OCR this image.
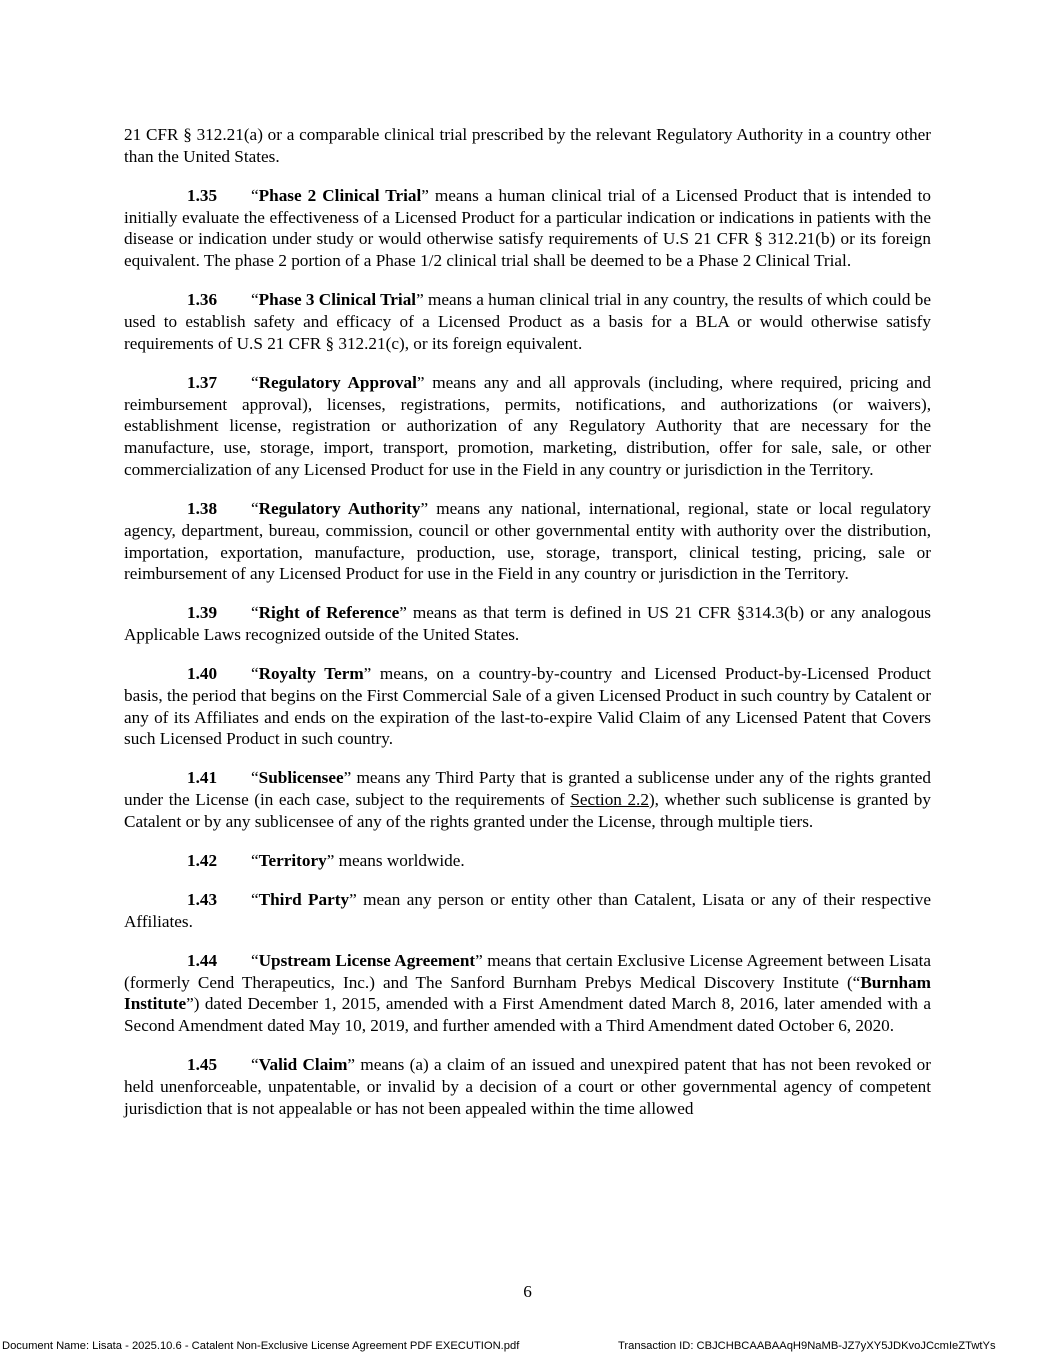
21 CFR § 312.21(a) or a comparable clinical trial prescribed by the relevant Regulatory Authority in a country other than the United States.

1.35 “Phase 2 Clinical Trial” means a human clinical trial of a Licensed Product that is intended to initially evaluate the effectiveness of a Licensed Product for a particular indication or indications in patients with the disease or indication under study or would otherwise satisfy requirements of U.S 21 CFR § 312.21(b) or its foreign equivalent. The phase 2 portion of a Phase 1/2 clinical trial shall be deemed to be a Phase 2 Clinical Trial.

1.36 “Phase 3 Clinical Trial” means a human clinical trial in any country, the results of which could be used to establish safety and efficacy of a Licensed Product as a basis for a BLA or would otherwise satisfy requirements of U.S 21 CFR § 312.21(c), or its foreign equivalent.

1.37 “Regulatory Approval” means any and all approvals (including, where required, pricing and reimbursement approval), licenses, registrations, permits, notifications, and authorizations (or waivers), establishment license, registration or authorization of any Regulatory Authority that are necessary for the manufacture, use, storage, import, transport, promotion, marketing, distribution, offer for sale, sale, or other commercialization of any Licensed Product for use in the Field in any country or jurisdiction in the Territory.

1.38 “Regulatory Authority” means any national, international, regional, state or local regulatory agency, department, bureau, commission, council or other governmental entity with authority over the distribution, importation, exportation, manufacture, production, use, storage, transport, clinical testing, pricing, sale or reimbursement of any Licensed Product for use in the Field in any country or jurisdiction in the Territory.

1.39 “Right of Reference” means as that term is defined in US 21 CFR §314.3(b) or any analogous Applicable Laws recognized outside of the United States.

1.40 “Royalty Term” means, on a country-by-country and Licensed Product-by-Licensed Product basis, the period that begins on the First Commercial Sale of a given Licensed Product in such country by Catalent or any of its Affiliates and ends on the expiration of the last-to-expire Valid Claim of any Licensed Patent that Covers such Licensed Product in such country.

1.41 “Sublicensee” means any Third Party that is granted a sublicense under any of the rights granted under the License (in each case, subject to the requirements of Section 2.2), whether such sublicense is granted by Catalent or by any sublicensee of any of the rights granted under the License, through multiple tiers.

1.42 “Territory” means worldwide.

1.43 “Third Party” mean any person or entity other than Catalent, Lisata or any of their respective Affiliates.

1.44 “Upstream License Agreement” means that certain Exclusive License Agreement between Lisata (formerly Cend Therapeutics, Inc.) and The Sanford Burnham Prebys Medical Discovery Institute (“Burnham Institute”) dated December 1, 2015, amended with a First Amendment dated March 8, 2016, later amended with a Second Amendment dated May 10, 2019, and further amended with a Third Amendment dated October 6, 2020.

1.45 “Valid Claim” means (a) a claim of an issued and unexpired patent that has not been revoked or held unenforceable, unpatentable, or invalid by a decision of a court or other governmental agency of competent jurisdiction that is not appealable or has not been appealed within the time allowed

6
Document Name: Lisata - 2025.10.6 - Catalent Non-Exclusive License Agreement PDF EXECUTION.pdf	Transaction ID: CBJCHBCAABAAqH9NaMB-JZ7yXY5JDKvoJCcmIeZTwtYs
